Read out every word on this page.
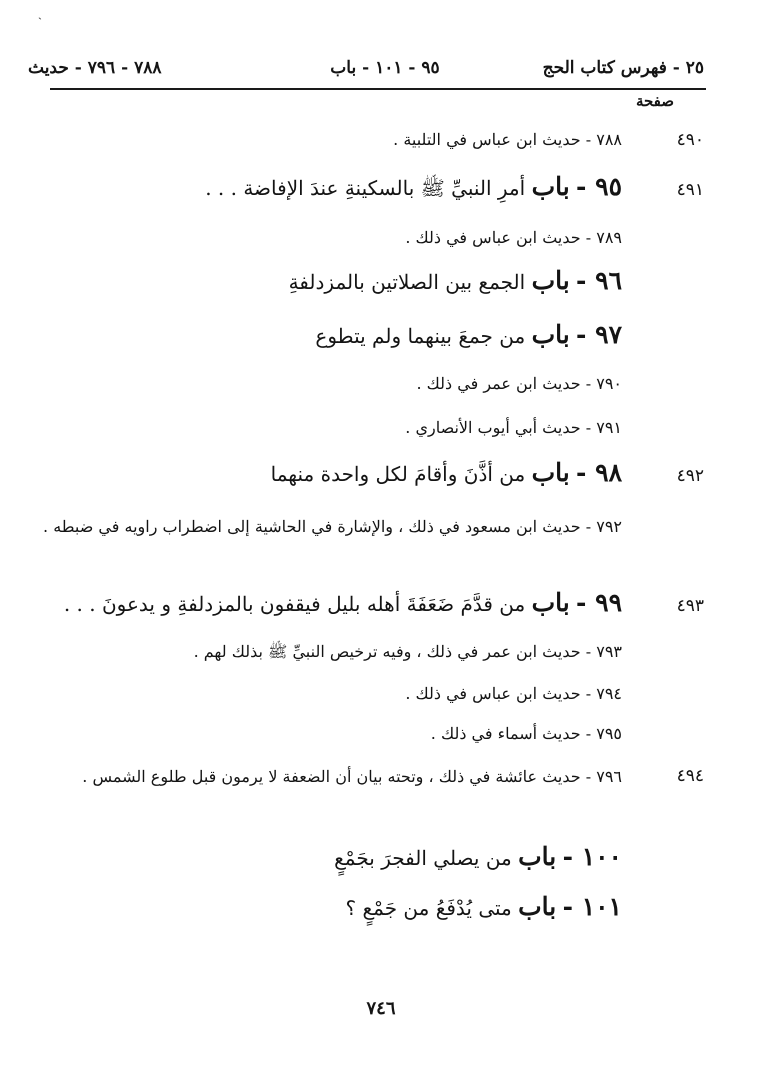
ˏ
٢٥ - فهرس كتاب الحج
٩٥ - ١٠١ - باب
٧٨٨ - ٧٩٦ - حديث
صفحة
٤٩٠
٧٨٨ - حديث ابن عباس في التلبية .
٤٩١
٩٥ - باب أمرِ النبيِّ ﷺ بالسكينةِ عندَ الإفاضة . . .
٧٨٩ - حديث ابن عباس في ذلك .
٩٦ - باب الجمع بين الصلاتين بالمزدلفةِ
٩٧ - باب من جمعَ بينهما ولم يتطوع
٧٩٠ - حديث ابن عمر في ذلك .
٧٩١ - حديث أبي أيوب الأنصاري .
٤٩٢
٩٨ - باب من أذَّنَ وأقامَ لكل واحدة منهما
٧٩٢ - حديث ابن مسعود في ذلك ، والإشارة في الحاشية إلى اضطراب راويه في ضبطه .
٤٩٣
٩٩ - باب من قدَّمَ ضَعَفَةَ أهله بليل فيقفون بالمزدلفةِ و يدعونَ . . .
٧٩٣ - حديث ابن عمر في ذلك ، وفيه ترخيص النبيِّ ﷺ بذلك لهم .
٧٩٤ - حديث ابن عباس في ذلك .
٧٩٥ - حديث أسماء في ذلك .
٤٩٤
٧٩٦ - حديث عائشة في ذلك ، وتحته بيان أن الضعفة لا يرمون قبل طلوع الشمس .
١٠٠ - باب من يصلي الفجرَ بجَمْعٍ
١٠١ - باب متى يُدْفَعُ من جَمْعٍ ؟
٧٤٦
